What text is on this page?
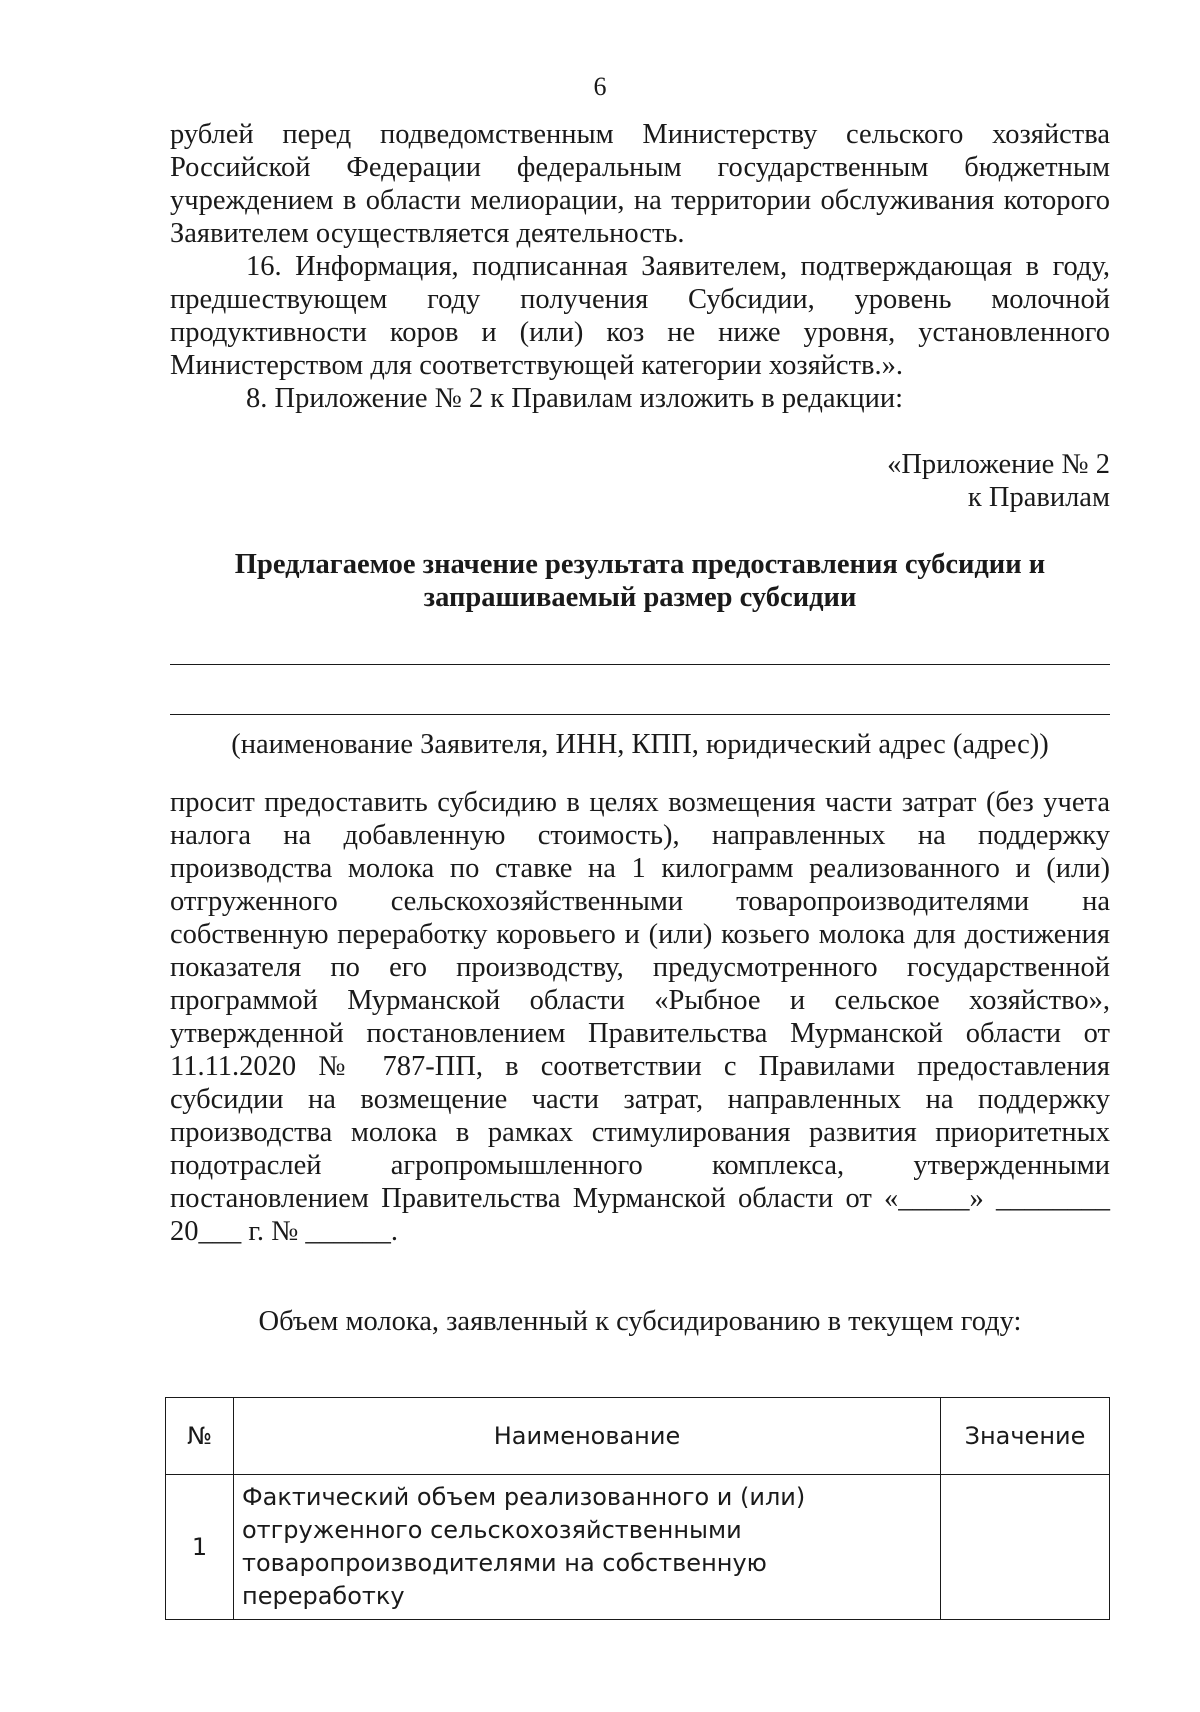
6

рублей перед подведомственным Министерству сельского хозяйства Российской Федерации федеральным государственным бюджетным учреждением в области мелиорации, на территории обслуживания которого Заявителем осуществляется деятельность.

16. Информация, подписанная Заявителем, подтверждающая в году, предшествующем году получения Субсидии, уровень молочной продуктивности коров и (или) коз не ниже уровня, установленного Министерством для соответствующей категории хозяйств.».

8. Приложение № 2 к Правилам изложить в редакции:

«Приложение № 2
к Правилам
Предлагаемое значение результата предоставления субсидии и
запрашиваемый размер субсидии
(наименование Заявителя, ИНН, КПП, юридический адрес (адрес))

просит предоставить субсидию в целях возмещения части затрат (без учета налога на добавленную стоимость), направленных на поддержку производства молока по ставке на 1 килограмм реализованного и (или) отгруженного сельскохозяйственными товаропроизводителями на собственную переработку коровьего и (или) козьего молока для достижения показателя по его производству, предусмотренного государственной программой Мурманской области «Рыбное и сельское хозяйство», утвержденной постановлением Правительства Мурманской области от 11.11.2020 № 787-ПП, в соответствии с Правилами предоставления субсидии на возмещение части затрат, направленных на поддержку производства молока в рамках стимулирования развития приоритетных подотраслей агропромышленного комплекса, утвержденными постановлением Правительства Мурманской области от «_____» ________ 20___ г. № ______.

Объем молока, заявленный к субсидированию в текущем году:
№	Наименование	Значение
1	Фактический объем реализованного и (или)
отгруженного сельскохозяйственными
товаропроизводителями на собственную переработку	
